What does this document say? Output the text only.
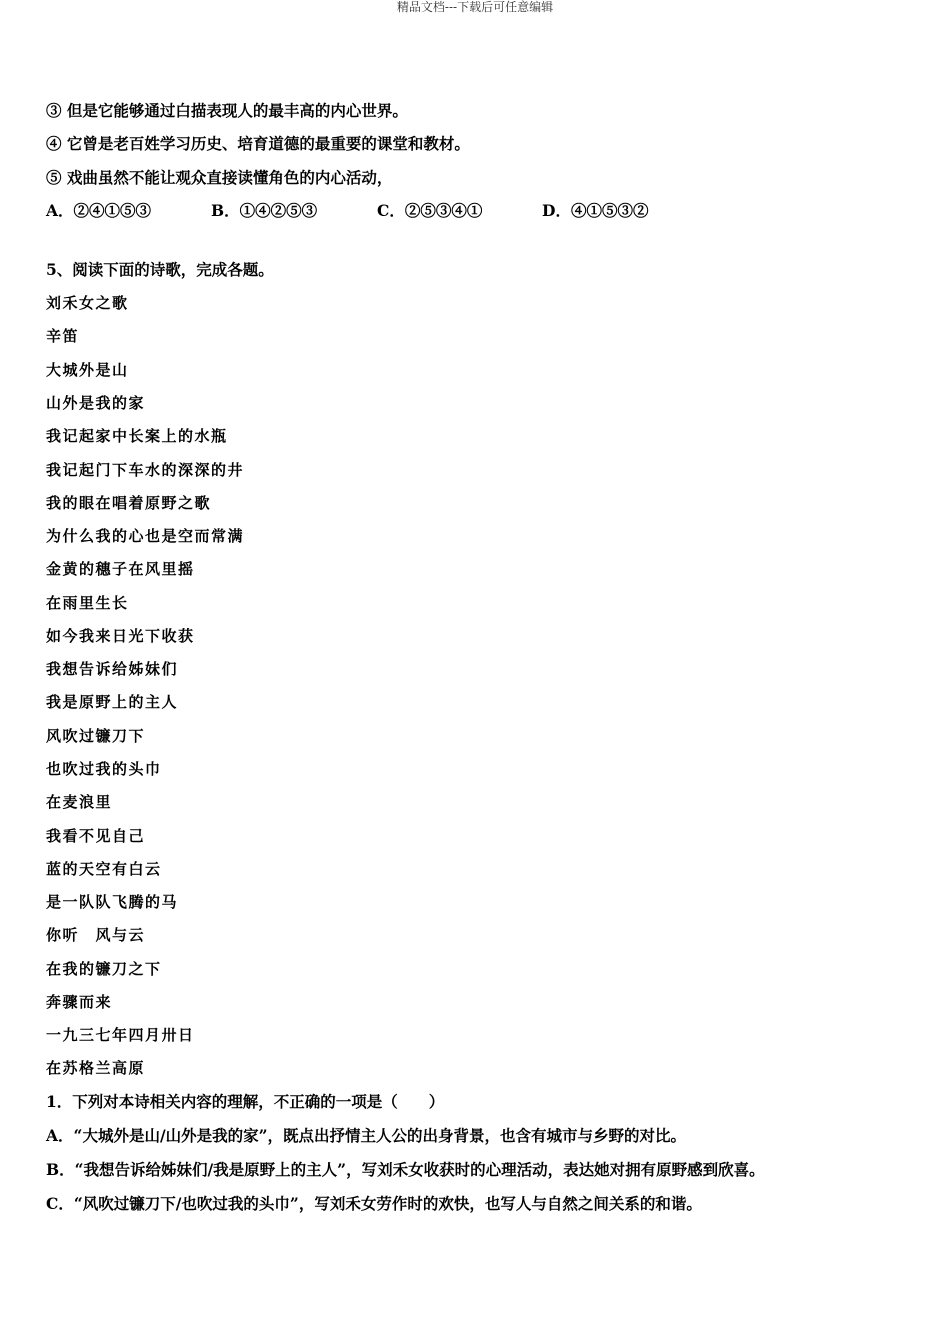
精品文档---下载后可任意编辑
③ 但是它能够通过白描表现人的最丰高的内心世界。
④ 它曾是老百姓学习历史、培育道德的最重要的课堂和教材。
⑤ 戏曲虽然不能让观众直接读懂角色的内心活动，
A．②④①⑤③	B．①④②⑤③	C．②⑤③④①	D．④①⑤③②
5、阅读下面的诗歌，完成各题。
刘禾女之歌
辛笛
大城外是山
山外是我的家
我记起家中长案上的水瓶
我记起门下车水的深深的井
我的眼在唱着原野之歌
为什么我的心也是空而常满
金黄的穗子在风里摇
在雨里生长
如今我来日光下收获
我想告诉给姊妹们
我是原野上的主人
风吹过镰刀下
也吹过我的头巾
在麦浪里
我看不见自己
蓝的天空有白云
是一队队飞腾的马
你听　风与云
在我的镰刀之下
奔骤而来
一九三七年四月卅日
在苏格兰高原
1．下列对本诗相关内容的理解，不正确的一项是（　　）
A．“大城外是山/山外是我的家”，既点出抒情主人公的出身背景，也含有城市与乡野的对比。
B．“我想告诉给姊妹们/我是原野上的主人”，写刘禾女收获时的心理活动，表达她对拥有原野感到欣喜。
C．“风吹过镰刀下/也吹过我的头巾”，写刘禾女劳作时的欢快，也写人与自然之间关系的和谐。
